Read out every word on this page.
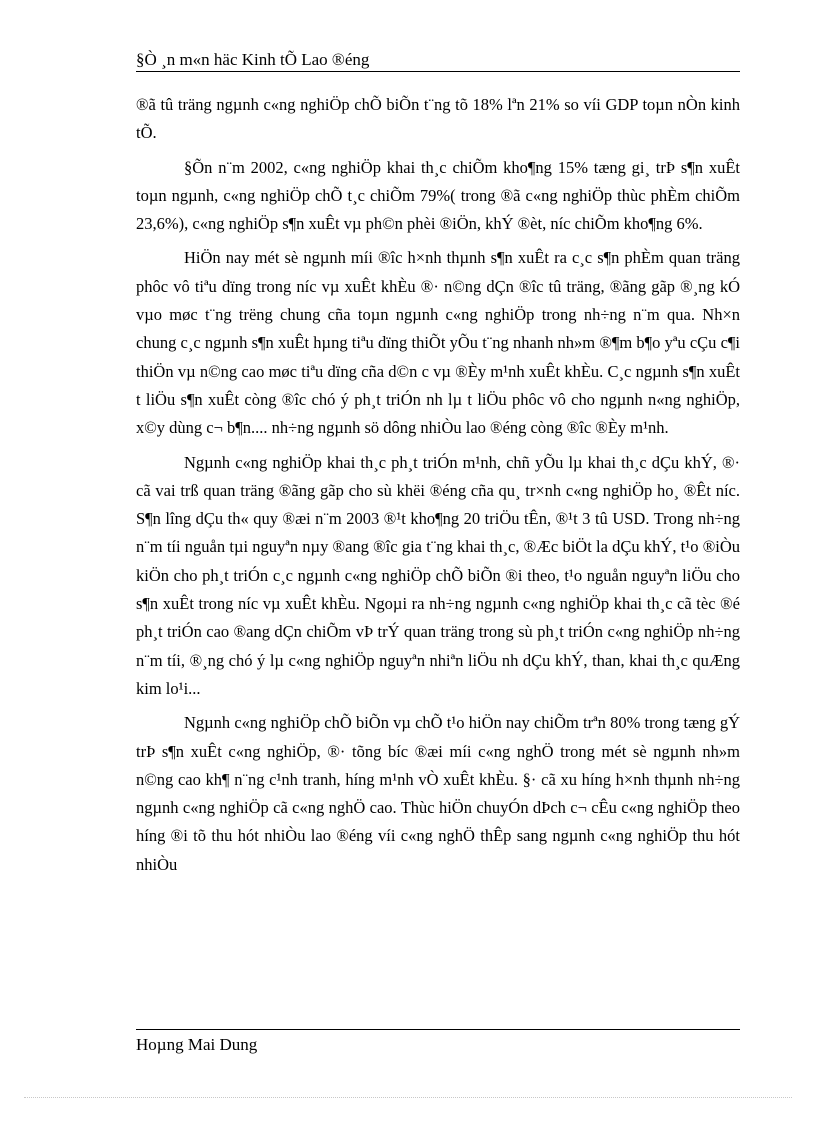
§Ò ¸n m«n häc Kinh tÕ Lao ®éng

®ã tû träng ngµnh c«ng nghiÖp chÕ biÕn t¨ng tõ 18% lªn 21% so víi GDP toµn nÒn kinh tÕ.

§Õn n¨m 2002, c«ng nghiÖp khai th¸c chiÕm kho¶ng 15% tæng gi¸ trÞ s¶n xuÊt toµn ngµnh, c«ng nghiÖp chÕ t¸c chiÕm 79%( trong ®ã c«ng nghiÖp thùc phÈm chiÕm 23,6%), c«ng nghiÖp s¶n xuÊt vµ ph©n phèi ®iÖn, khÝ ®èt, níc chiÕm kho¶ng 6%.

HiÖn nay mét sè ngµnh míi ®îc h×nh thµnh s¶n xuÊt ra c¸c s¶n phÈm quan träng phôc vô tiªu dïng trong níc vµ xuÊt khÈu ®· n©ng dÇn ®îc tû träng, ®ãng gãp ®¸ng kÓ vµo møc t¨ng trëng chung cña toµn ngµnh c«ng nghiÖp trong nh÷ng n¨m qua. Nh×n chung c¸c ngµnh s¶n xuÊt hµng tiªu dïng thiÕt yÕu t¨ng nhanh nh»m ®¶m b¶o yªu cÇu c¶i thiÖn vµ n©ng cao møc tiªu dïng cña d©n c vµ ®Èy m¹nh xuÊt khÈu. C¸c ngµnh s¶n xuÊt t liÖu s¶n xuÊt còng ®îc chó ý ph¸t triÓn nh lµ t liÖu phôc vô cho ngµnh n«ng nghiÖp, x©y dùng c¬ b¶n.... nh÷ng ngµnh sö dông nhiÒu lao ®éng còng ®îc ®Èy m¹nh.

Ngµnh c«ng nghiÖp khai th¸c ph¸t triÓn m¹nh, chñ yÕu lµ khai th¸c dÇu khÝ, ®· cã vai trß quan träng ®ãng gãp cho sù khëi ®éng cña qu¸ tr×nh c«ng nghiÖp ho¸ ®Êt níc. S¶n lîng dÇu th« quy ®æi n¨m 2003 ®¹t kho¶ng 20 triÖu tÊn, ®¹t 3 tû USD. Trong nh÷ng n¨m tíi nguån tµi nguyªn nµy ®ang ®îc gia t¨ng khai th¸c, ®Æc biÖt la dÇu khÝ, t¹o ®iÒu kiÖn cho ph¸t triÓn c¸c ngµnh c«ng nghiÖp chÕ biÕn ®i theo, t¹o nguån nguyªn liÖu cho s¶n xuÊt trong níc vµ xuÊt khÈu. Ngoµi ra nh÷ng ngµnh c«ng nghiÖp khai th¸c cã tèc ®é ph¸t triÓn cao ®ang dÇn chiÕm vÞ trÝ quan träng trong sù ph¸t triÓn c«ng nghiÖp nh÷ng n¨m tíi, ®¸ng chó ý lµ c«ng nghiÖp nguyªn nhiªn liÖu nh dÇu khÝ, than, khai th¸c quÆng kim lo¹i...

Ngµnh c«ng nghiÖp chÕ biÕn vµ chÕ t¹o hiÖn nay chiÕm trªn 80% trong tæng gÝ trÞ s¶n xuÊt c«ng nghiÖp, ®· tõng bíc ®æi míi c«ng nghÖ trong mét sè ngµnh nh»m n©ng cao kh¶ n¨ng c¹nh tranh, híng m¹nh vÒ xuÊt khÈu. §· cã xu híng h×nh thµnh nh÷ng ngµnh c«ng nghiÖp cã c«ng nghÖ cao. Thùc hiÖn chuyÓn dÞch c¬ cÊu c«ng nghiÖp theo híng ®i tõ thu hót nhiÒu lao ®éng víi c«ng nghÖ thÊp sang ngµnh c«ng nghiÖp thu hót nhiÒu

Hoµng Mai Dung
